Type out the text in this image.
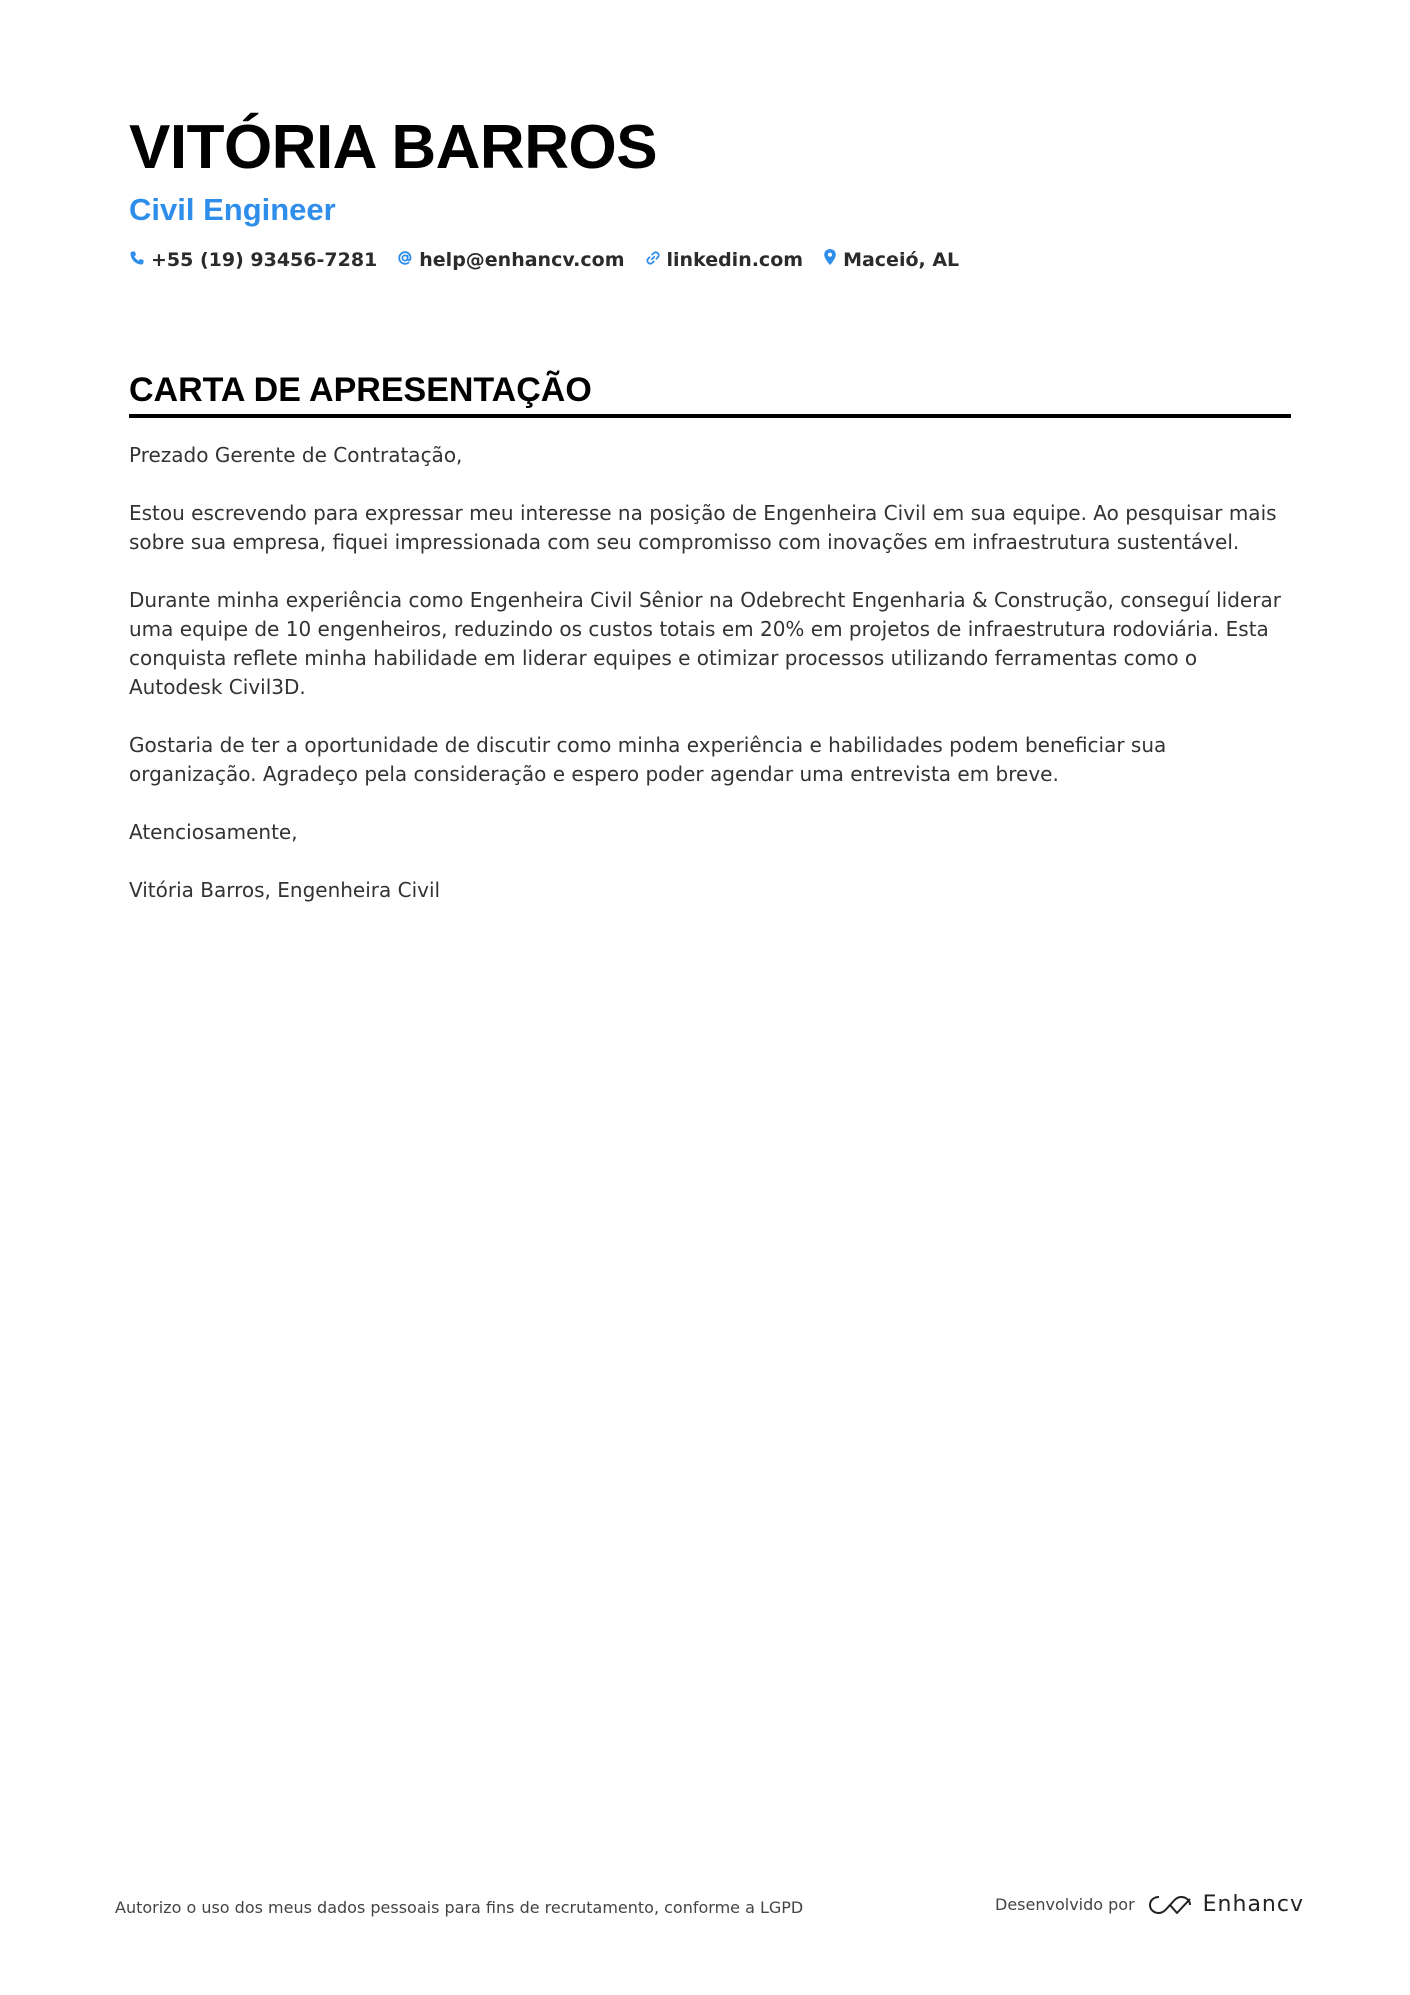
VITÓRIA BARROS
Civil Engineer
+55 (19) 93456-7281 help@enhancv.com linkedin.com Maceió, AL
CARTA DE APRESENTAÇÃO

Prezado Gerente de Contratação,

Estou escrevendo para expressar meu interesse na posição de Engenheira Civil em sua equipe. Ao pesquisar mais sobre sua empresa, fiquei impressionada com seu compromisso com inovações em infraestrutura sustentável.

Durante minha experiência como Engenheira Civil Sênior na Odebrecht Engenharia & Construção, conseguí liderar uma equipe de 10 engenheiros, reduzindo os custos totais em 20% em projetos de infraestrutura rodoviária. Esta conquista reflete minha habilidade em liderar equipes e otimizar processos utilizando ferramentas como o Autodesk Civil3D.

Gostaria de ter a oportunidade de discutir como minha experiência e habilidades podem beneficiar sua organização. Agradeço pela consideração e espero poder agendar uma entrevista em breve.

Atenciosamente,

Vitória Barros, Engenheira Civil

Autorizo o uso dos meus dados pessoais para fins de recrutamento, conforme a LGPD	Desenvolvido por	Enhancv
